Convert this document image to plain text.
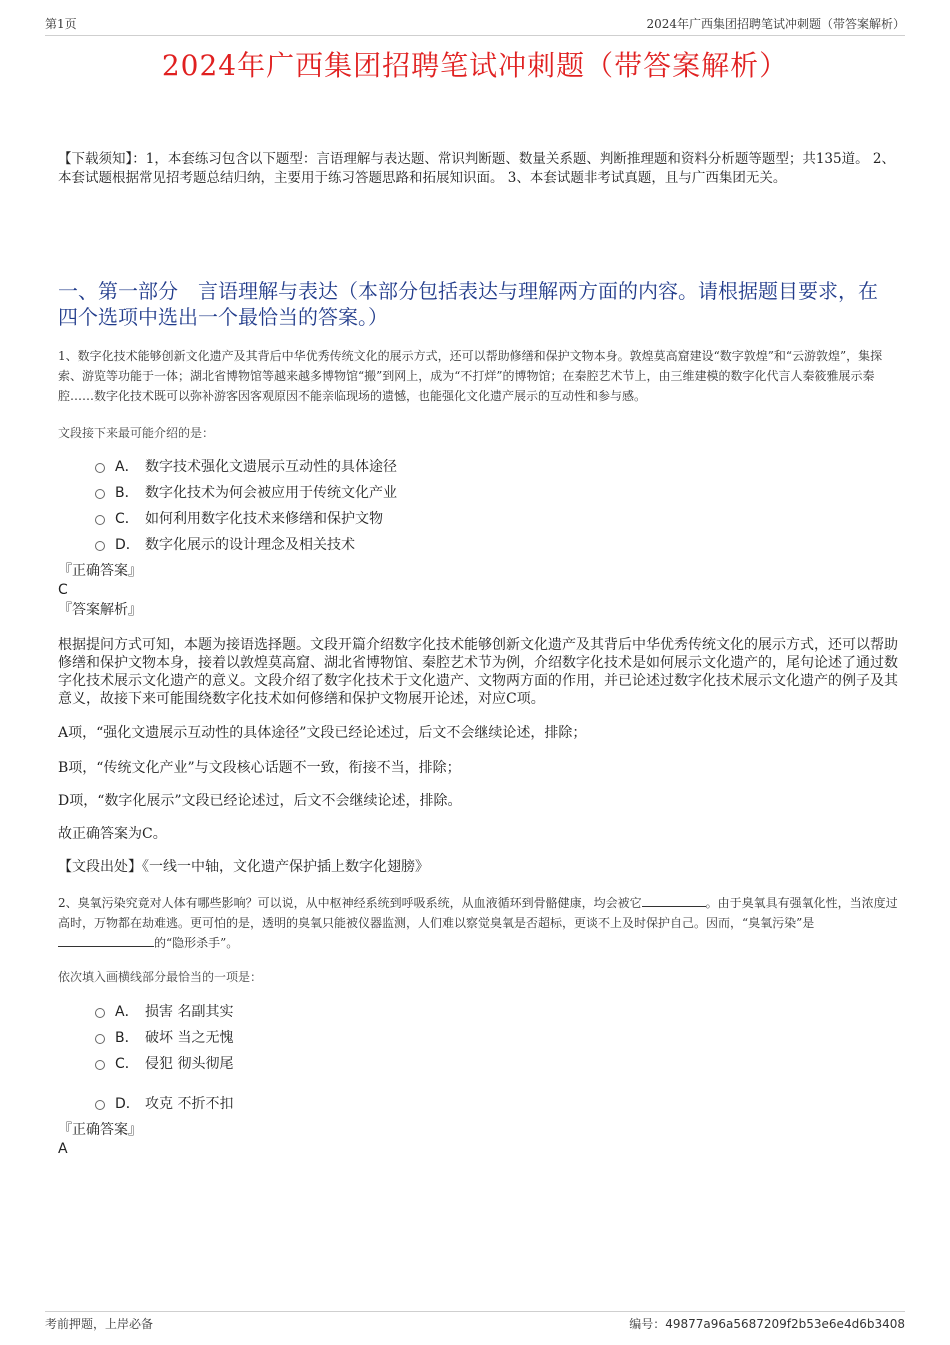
第1页	2024年广西集团招聘笔试冲刺题（带答案解析）
2024年广西集团招聘笔试冲刺题（带答案解析）
【下载须知】：1，本套练习包含以下题型：言语理解与表达题、常识判断题、数量关系题、判断推理题和资料分析题等题型；共135道。 2、本套试题根据常见招考题总结归纳，主要用于练习答题思路和拓展知识面。 3、本套试题非考试真题，且与广西集团无关。
一、第一部分　言语理解与表达（本部分包括表达与理解两方面的内容。请根据题目要求，在四个选项中选出一个最恰当的答案。）
1、数字化技术能够创新文化遗产及其背后中华优秀传统文化的展示方式，还可以帮助修缮和保护文物本身。敦煌莫高窟建设“数字敦煌”和“云游敦煌”，集探索、游览等功能于一体；湖北省博物馆等越来越多博物馆“搬”到网上，成为“不打烊”的博物馆；在秦腔艺术节上，由三维建模的数字化代言人秦筱雅展示秦腔……数字化技术既可以弥补游客因客观原因不能亲临现场的遗憾，也能强化文化遗产展示的互动性和参与感。
文段接下来最可能介绍的是：
A． 数字技术强化文遗展示互动性的具体途径
B． 数字化技术为何会被应用于传统文化产业
C． 如何利用数字化技术来修缮和保护文物
D． 数字化展示的设计理念及相关技术
『正确答案』
C
『答案解析』
根据提问方式可知，本题为接语选择题。文段开篇介绍数字化技术能够创新文化遗产及其背后中华优秀传统文化的展示方式，还可以帮助修缮和保护文物本身，接着以敦煌莫高窟、湖北省博物馆、秦腔艺术节为例，介绍数字化技术是如何展示文化遗产的，尾句论述了通过数字化技术展示文化遗产的意义。文段介绍了数字化技术于文化遗产、文物两方面的作用，并已论述过数字化技术展示文化遗产的例子及其意义，故接下来可能围绕数字化技术如何修缮和保护文物展开论述，对应C项。
A项，“强化文遗展示互动性的具体途径”文段已经论述过，后文不会继续论述，排除；
B项，“传统文化产业”与文段核心话题不一致，衔接不当，排除；
D项，“数字化展示”文段已经论述过，后文不会继续论述，排除。
故正确答案为C。
【文段出处】《一线一中轴，文化遗产保护插上数字化翅膀》
2、臭氧污染究竟对人体有哪些影响？可以说，从中枢神经系统到呼吸系统，从血液循环到骨骼健康，均会被它	。由于臭氧具有强氧化性，当浓度过高时，万物都在劫难逃。更可怕的是，透明的臭氧只能被仪器监测，人们难以察觉臭氧是否超标，更谈不上及时保护自己。因而，“臭氧污染”是的“隐形杀手”。
依次填入画横线部分最恰当的一项是：
A． 损害 名副其实
B． 破坏 当之无愧
C． 侵犯 彻头彻尾
D． 攻克 不折不扣
『正确答案』
A
考前押题，上岸必备	编号：49877a96a5687209f2b53e6e4d6b3408
